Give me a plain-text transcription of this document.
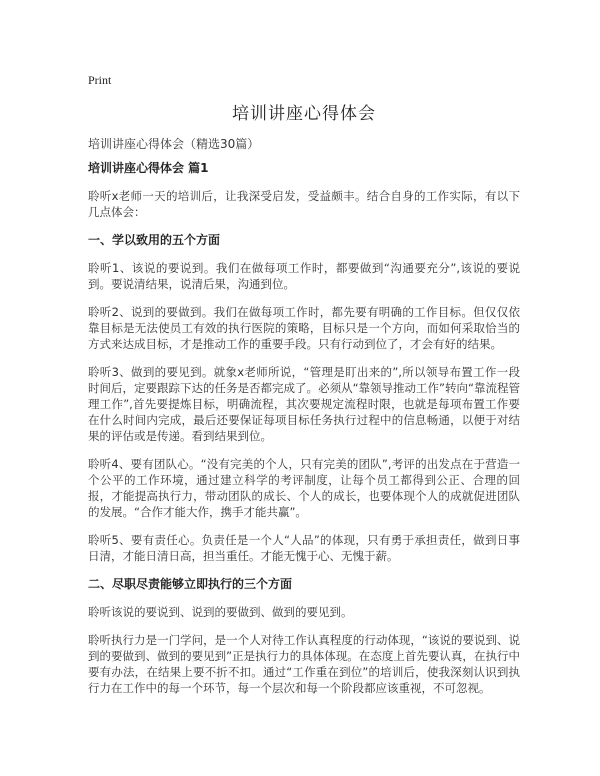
Print
培训讲座心得体会
培训讲座心得体会（精选30篇）
培训讲座心得体会 篇1

聆听x老师一天的培训后，让我深受启发，受益颇丰。结合自身的工作实际，有以下几点体会：

一、学以致用的五个方面

聆听1、该说的要说到。我们在做每项工作时，都要做到“沟通要充分”,该说的要说到。要说清结果，说清后果，沟通到位。

聆听2、说到的要做到。我们在做每项工作时，都先要有明确的工作目标。但仅仅依靠目标是无法使员工有效的执行医院的策略，目标只是一个方向，而如何采取恰当的方式来达成目标，才是推动工作的重要手段。只有行动到位了，才会有好的结果。

聆听3、做到的要见到。就象x老师所说，“管理是盯出来的”,所以领导布置工作一段时间后，定要跟踪下达的任务是否都完成了。必须从“靠领导推动工作”转向“靠流程管理工作”,首先要提炼目标，明确流程，其次要规定流程时限，也就是每项布置工作要在什么时间内完成，最后还要保证每项目标任务执行过程中的信息畅通，以便于对结果的评估或是传递。看到结果到位。

聆听4、要有团队心。“没有完美的个人，只有完美的团队”,考评的出发点在于营造一个公平的工作环境，通过建立科学的考评制度，让每个员工都得到公正、合理的回报，才能提高执行力，带动团队的成长、个人的成长，也要体现个人的成就促进团队的发展。“合作才能大作，携手才能共赢”。

聆听5、要有责任心。负责任是一个人“人品”的体现，只有勇于承担责任，做到日事日清，才能日清日高，担当重任。才能无愧于心、无愧于薪。

二、尽职尽责能够立即执行的三个方面

聆听该说的要说到、说到的要做到、做到的要见到。

聆听执行力是一门学问，是一个人对待工作认真程度的行动体现，“该说的要说到、说到的要做到、做到的要见到”正是执行力的具体体现。在态度上首先要认真，在执行中要有办法，在结果上要不折不扣。通过“工作重在到位”的培训后，使我深刻认识到执行力在工作中的每一个环节，每一个层次和每一个阶段都应该重视，不可忽视。
